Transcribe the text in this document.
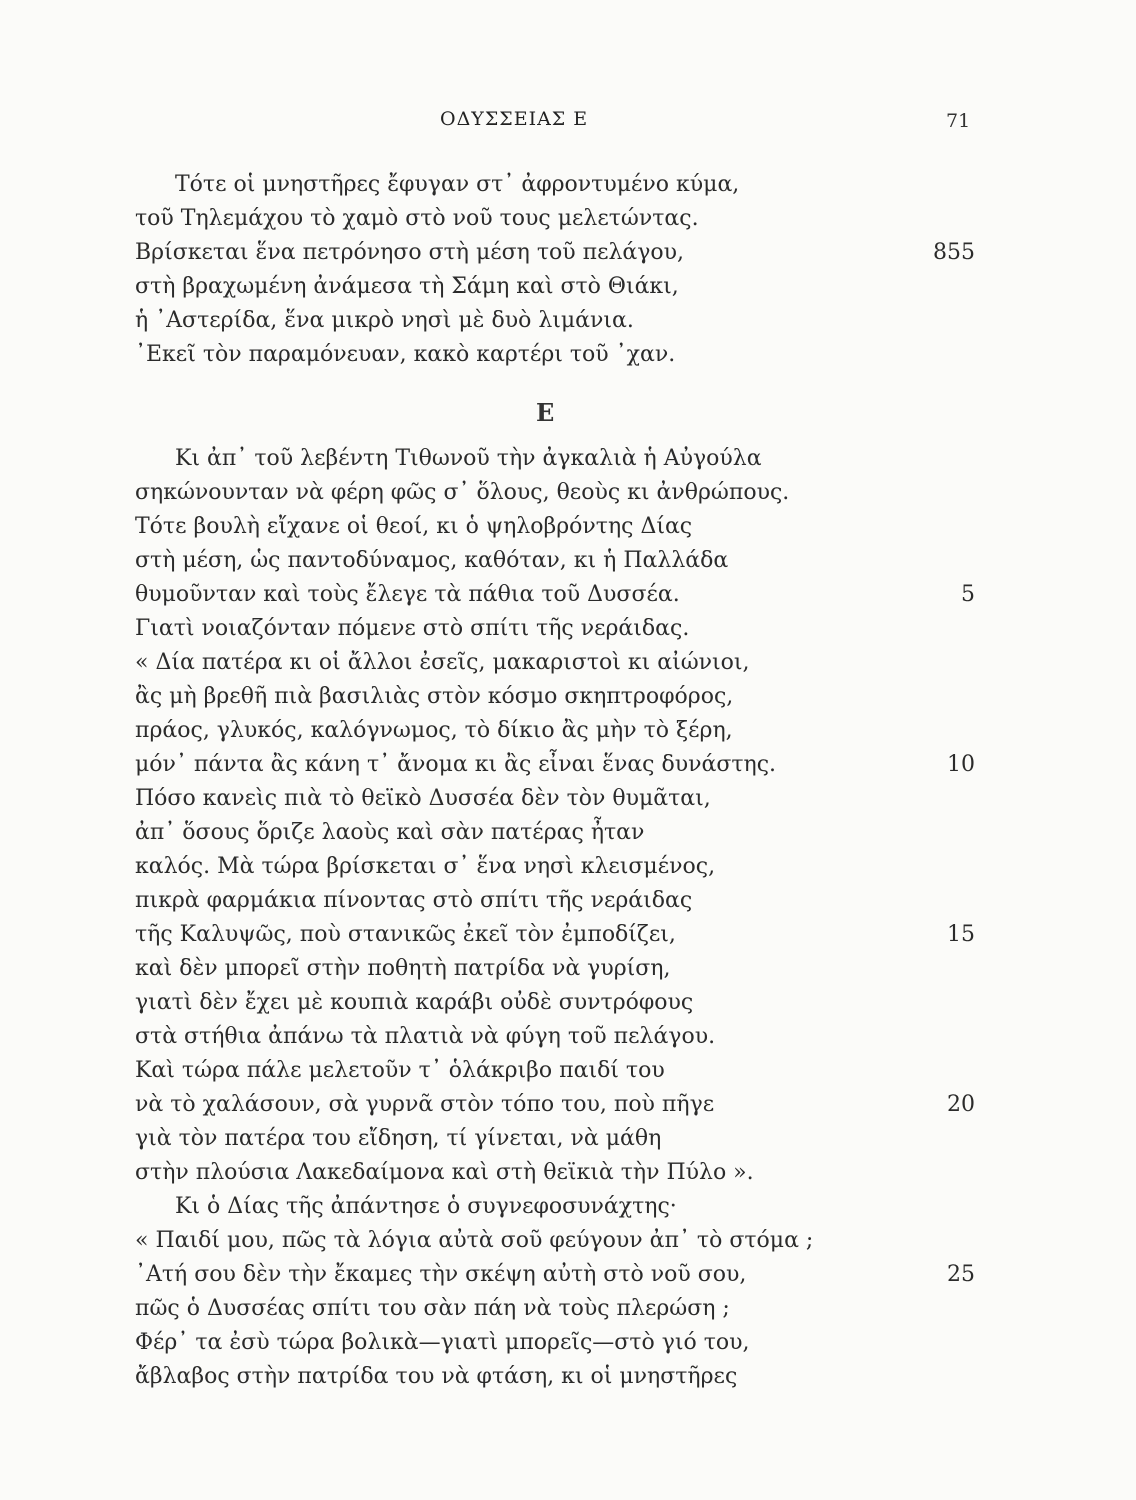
ΟΔΥΣΣΕΙΑΣ Ε	71
Τότε οἱ μνηστῆρες ἔφυγαν στ᾽ ἀφροντυμένο κύμα,
τοῦ Τηλεμάχου τὸ χαμὸ στὸ νοῦ τους μελετώντας.
Βρίσκεται ἕνα πετρόνησο στὴ μέση τοῦ πελάγου,
στὴ βραχωμένη ἀνάμεσα τὴ Σάμη καὶ στὸ Θιάκι,
ἡ ᾽Αστερίδα, ἕνα μικρὸ νησὶ μὲ δυὸ λιμάνια.
᾽Εκεῖ τὸν παραμόνευαν, κακὸ καρτέρι τοῦ ᾽χαν.
855
Ε
Κι ἀπ᾽ τοῦ λεβέντη Τιθωνοῦ τὴν ἀγκαλιὰ ἡ Αὐγούλα
σηκώνουνταν νὰ φέρη φῶς σ᾽ ὅλους, θεοὺς κι ἀνθρώπους.
Τότε βουλὴ εἴχανε οἱ θεοί, κι ὁ ψηλοβρόντης Δίας
στὴ μέση, ὡς παντοδύναμος, καθόταν, κι ἡ Παλλάδα
θυμοῦνταν καὶ τοὺς ἔλεγε τὰ πάθια τοῦ Δυσσέα.
Γιατὶ νοιαζόνταν πόμενε στὸ σπίτι τῆς νεράιδας.
« Δία πατέρα κι οἱ ἄλλοι ἐσεῖς, μακαριστοὶ κι αἰώνιοι,
ἂς μὴ βρεθῆ πιὰ βασιλιὰς στὸν κόσμο σκηπτροφόρος,
πράος, γλυκός, καλόγνωμος, τὸ δίκιο ἂς μὴν τὸ ξέρη,
μόν᾽ πάντα ἂς κάνη τ᾽ ἄνομα κι ἂς εἶναι ἕνας δυνάστης.
Πόσο κανεὶς πιὰ τὸ θεϊκὸ Δυσσέα δὲν τὸν θυμᾶται,
ἀπ᾽ ὅσους ὅριζε λαοὺς καὶ σὰν πατέρας ἦταν
καλός. Μὰ τώρα βρίσκεται σ᾽ ἕνα νησὶ κλεισμένος,
πικρὰ φαρμάκια πίνοντας στὸ σπίτι τῆς νεράιδας
τῆς Καλυψῶς, ποὺ στανικῶς ἐκεῖ τὸν ἐμποδίζει,
καὶ δὲν μπορεῖ στὴν ποθητὴ πατρίδα νὰ γυρίση,
γιατὶ δὲν ἔχει μὲ κουπιὰ καράβι οὐδὲ συντρόφους
στὰ στήθια ἀπάνω τὰ πλατιὰ νὰ φύγη τοῦ πελάγου.
Καὶ τώρα πάλε μελετοῦν τ᾽ ὁλάκριβο παιδί του
νὰ τὸ χαλάσουν, σὰ γυρνᾶ στὸν τόπο του, ποὺ πῆγε
γιὰ τὸν πατέρα του εἴδηση, τί γίνεται, νὰ μάθη
στὴν πλούσια Λακεδαίμονα καὶ στὴ θεϊκιὰ τὴν Πύλο ».
Κι ὁ Δίας τῆς ἀπάντησε ὁ συγνεφοσυνάχτης·
« Παιδί μου, πῶς τὰ λόγια αὐτὰ σοῦ φεύγουν ἀπ᾽ τὸ στόμα ;
᾽Ατή σου δὲν τὴν ἔκαμες τὴν σκέψη αὐτὴ στὸ νοῦ σου,
πῶς ὁ Δυσσέας σπίτι του σὰν πάη νὰ τοὺς πλερώση ;
Φέρ᾽ τα ἐσὺ τώρα βολικὰ—γιατὶ μπορεῖς—στὸ γιό του,
ἄβλαβος στὴν πατρίδα του νὰ φτάση, κι οἱ μνηστῆρες
5
10
15
20
25
